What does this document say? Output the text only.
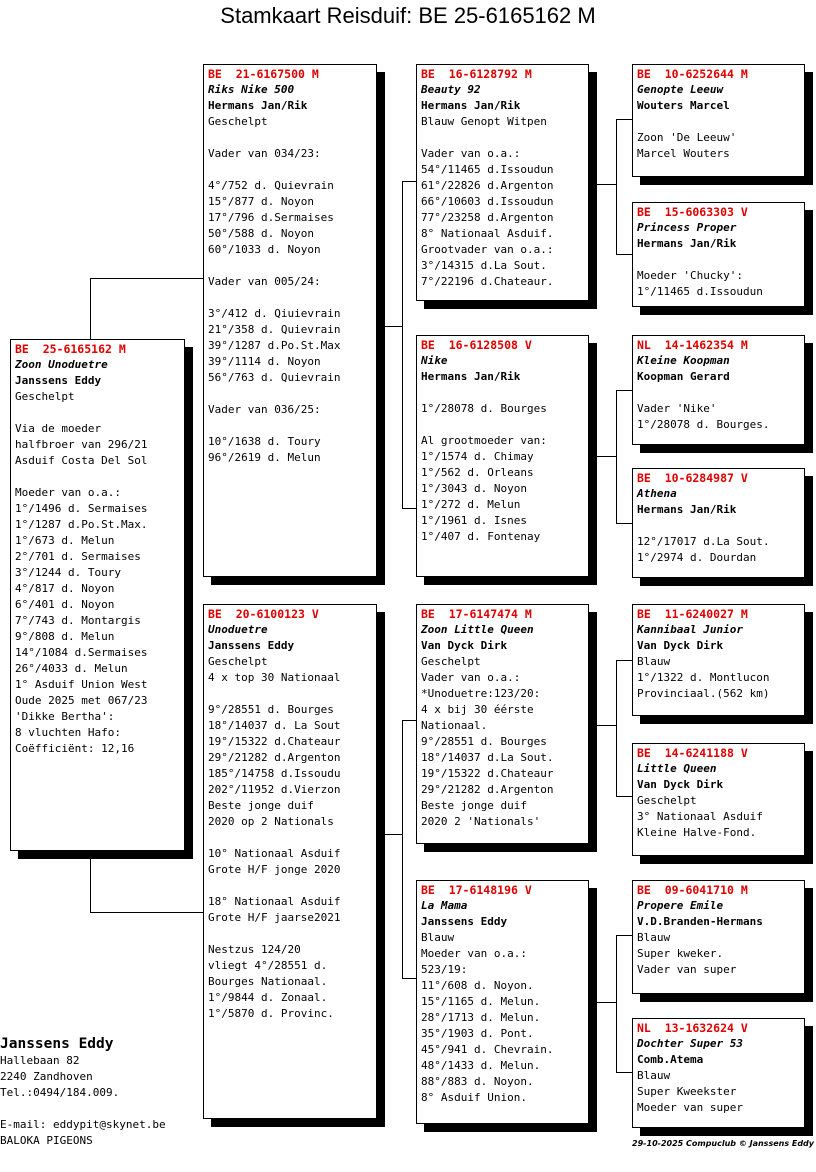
Stamkaart Reisduif: BE 25-6165162 M
BE  25-6165162 M
Zoon Unoduetre
Janssens Eddy
Geschelpt
Via de moeder
halfbroer van 296/21
Asduif Costa Del Sol
Moeder van o.a.:
1°/1496 d. Sermaises
1°/1287 d.Po.St.Max.
1°/673 d. Melun
2°/701 d. Sermaises
3°/1244 d. Toury
4°/817 d. Noyon
6°/401 d. Noyon
7°/743 d. Montargis
9°/808 d. Melun
14°/1084 d.Sermaises
26°/4033 d. Melun
1° Asduif Union West
Oude 2025 met 067/23
'Dikke Bertha':
8 vluchten Hafo:
Coëfficiënt: 12,16
BE  21-6167500 M
Riks Nike 500
Hermans Jan/Rik
Geschelpt
Vader van 034/23:
4°/752 d. Quievrain
15°/877 d. Noyon
17°/796 d.Sermaises
50°/588 d. Noyon
60°/1033 d. Noyon
Vader van 005/24:
3°/412 d. Qiuievrain
21°/358 d. Quievrain
39°/1287 d.Po.St.Max
39°/1114 d. Noyon
56°/763 d. Quievrain
Vader van 036/25:
10°/1638 d. Toury
96°/2619 d. Melun
BE  20-6100123 V
Unoduetre
Janssens Eddy
Geschelpt
4 x top 30 Nationaal
9°/28551 d. Bourges
18°/14037 d. La Sout
19°/15322 d.Chateaur
29°/21282 d.Argenton
185°/14758 d.Issoudu
202°/11952 d.Vierzon
Beste jonge duif
2020 op 2 Nationals
10° Nationaal Asduif
Grote H/F jonge 2020
18° Nationaal Asduif
Grote H/F jaarse2021
Nestzus 124/20
vliegt 4°/28551 d.
Bourges Nationaal.
1°/9844 d. Zonaal.
1°/5870 d. Provinc.
BE  16-6128792 M
Beauty 92
Hermans Jan/Rik
Blauw Genopt Witpen
Vader van o.a.:
54°/11465 d.Issoudun
61°/22826 d.Argenton
66°/10603 d.Issoudun
77°/23258 d.Argenton
8° Nationaal Asduif.
Grootvader van o.a.:
3°/14315 d.La Sout.
7°/22196 d.Chateaur.
BE  16-6128508 V
Nike
Hermans Jan/Rik
1°/28078 d. Bourges
Al grootmoeder van:
1°/1574 d. Chimay
1°/562 d. Orleans
1°/3043 d. Noyon
1°/272 d. Melun
1°/1961 d. Isnes
1°/407 d. Fontenay
BE  17-6147474 M
Zoon Little Queen
Van Dyck Dirk
Geschelpt
Vader van o.a.:
*Unoduetre:123/20:
4 x bij 30 éérste
Nationaal.
9°/28551 d. Bourges
18°/14037 d.La Sout.
19°/15322 d.Chateaur
29°/21282 d.Argenton
Beste jonge duif
2020 2 'Nationals'
BE  17-6148196 V
La Mama
Janssens Eddy
Blauw
Moeder van o.a.:
523/19:
11°/608 d. Noyon.
15°/1165 d. Melun.
28°/1713 d. Melun.
35°/1903 d. Pont.
45°/941 d. Chevrain.
48°/1433 d. Melun.
88°/883 d. Noyon.
8° Asduif Union.
BE  10-6252644 M
Genopte Leeuw
Wouters Marcel
Zoon 'De Leeuw'
Marcel Wouters
BE  15-6063303 V
Princess Proper
Hermans Jan/Rik
Moeder 'Chucky':
1°/11465 d.Issoudun
NL  14-1462354 M
Kleine Koopman
Koopman Gerard
Vader 'Nike'
1°/28078 d. Bourges.
BE  10-6284987 V
Athena
Hermans Jan/Rik
12°/17017 d.La Sout.
1°/2974 d. Dourdan
BE  11-6240027 M
Kannibaal Junior
Van Dyck Dirk
Blauw
1°/1322 d. Montlucon
Provinciaal.(562 km)
BE  14-6241188 V
Little Queen
Van Dyck Dirk
Geschelpt
3° Nationaal Asduif
Kleine Halve-Fond.
BE  09-6041710 M
Propere Emile
V.D.Branden-Hermans
Blauw
Super kweker.
Vader van super
NL  13-1632624 V
Dochter Super 53
Comb.Atema
Blauw
Super Kweekster
Moeder van super
Janssens Eddy
Hallebaan 82
2240 Zandhoven
Tel.:0494/184.009.
E-mail: eddypit@skynet.be
BALOKA PIGEONS	29-10-2025 Compuclub © Janssens Eddy
